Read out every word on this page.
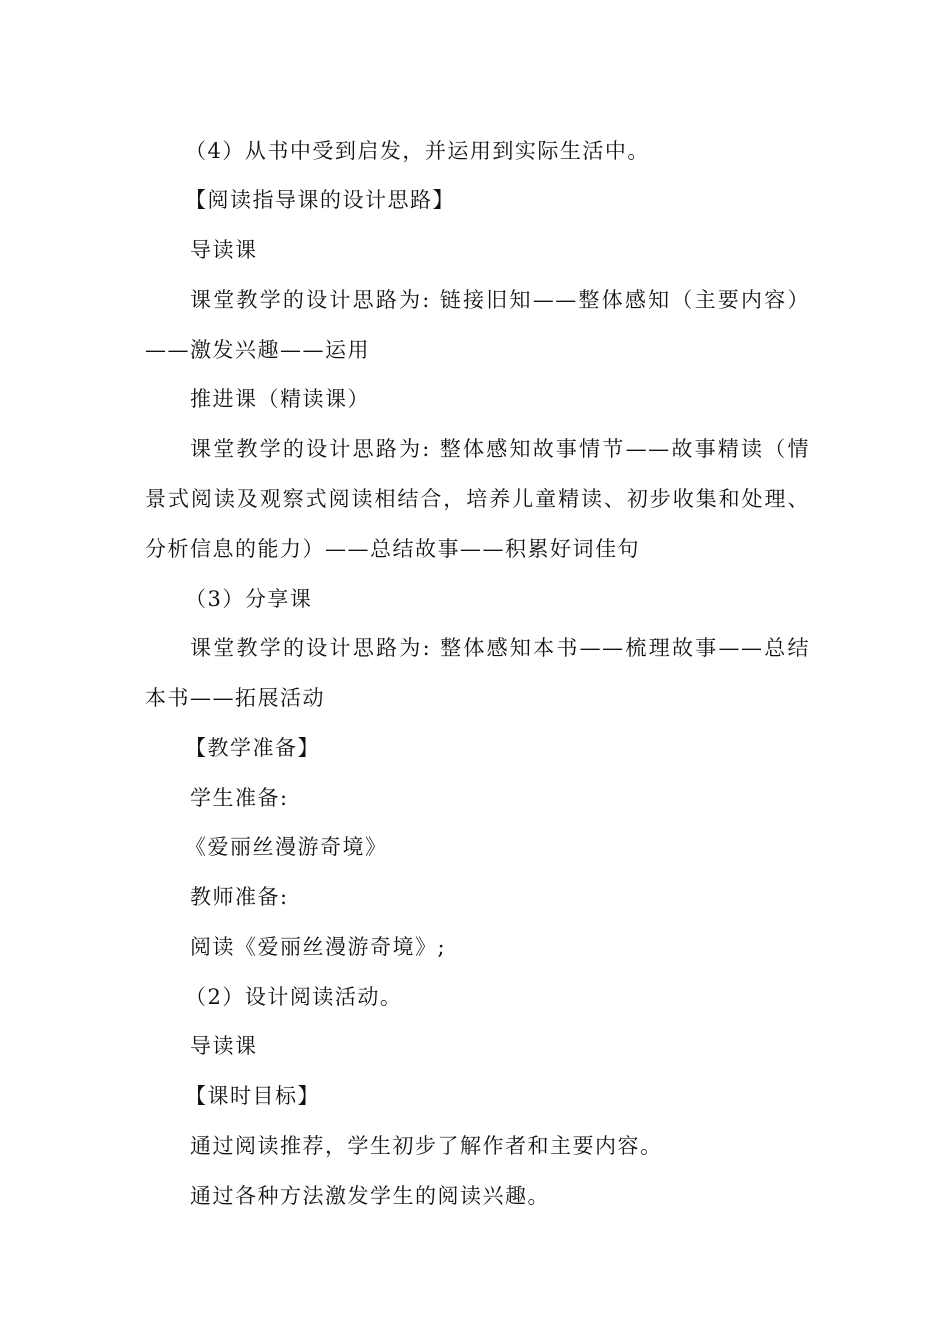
（4）从书中受到启发，并运用到实际生活中。
【阅读指导课的设计思路】
导读课
课堂教学的设计思路为: 链接旧知——整体感知（主要内容）
——激发兴趣——运用
推进课（精读课）
课堂教学的设计思路为: 整体感知故事情节——故事精读（情
景式阅读及观察式阅读相结合，培养儿童精读、初步收集和处理、
分析信息的能力）——总结故事——积累好词佳句
（3）分享课
课堂教学的设计思路为: 整体感知本书——梳理故事——总结
本书——拓展活动
【教学准备】
学生准备:
《爱丽丝漫游奇境》
教师准备:
阅读《爱丽丝漫游奇境》;
（2）设计阅读活动。
导读课
【课时目标】
通过阅读推荐，学生初步了解作者和主要内容。
通过各种方法激发学生的阅读兴趣。
